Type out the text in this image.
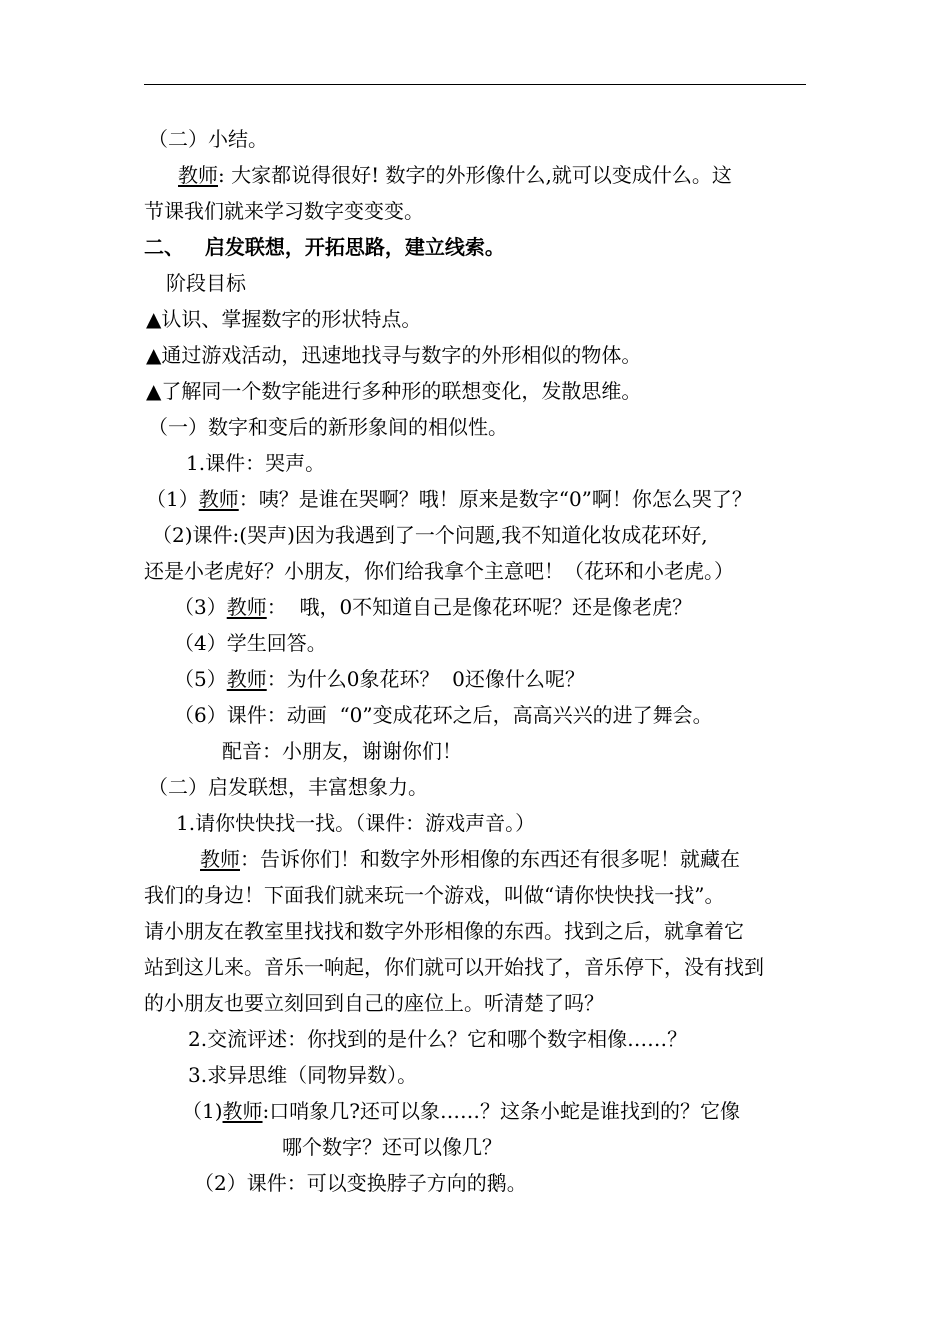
（二）小结。
教师: 大家都说得很好! 数字的外形像什么,就可以变成什么。这
节课我们就来学习数字变变变。
二、   启发联想，开拓思路，建立线索。
阶段目标
▲认识、掌握数字的形状特点。
▲通过游戏活动，迅速地找寻与数字的外形相似的物体。
▲了解同一个数字能进行多种形的联想变化，发散思维。
（一）数字和变后的新形象间的相似性。
1.课件：哭声。
（1）教师：咦？是谁在哭啊？哦！原来是数字“0”啊！你怎么哭了？
（2)课件:(哭声)因为我遇到了一个问题,我不知道化妆成花环好,
还是小老虎好？小朋友，你们给我拿个主意吧！（花环和小老虎。）
（3）教师：  哦，0不知道自己是像花环呢？还是像老虎？
（4）学生回答。
（5）教师：为什么0象花环？  0还像什么呢？
（6）课件：动画  “0”变成花环之后，高高兴兴的进了舞会。
配音：小朋友，谢谢你们！
（二）启发联想，丰富想象力。
1.请你快快找一找。（课件：游戏声音。）
教师：告诉你们！和数字外形相像的东西还有很多呢！就藏在
我们的身边！下面我们就来玩一个游戏，叫做“请你快快找一找”。
请小朋友在教室里找找和数字外形相像的东西。找到之后，就拿着它
站到这儿来。音乐一响起，你们就可以开始找了，音乐停下，没有找到
的小朋友也要立刻回到自己的座位上。听清楚了吗？
2.交流评述：你找到的是什么？它和哪个数字相像……？
3.求异思维（同物异数）。
（1)教师:口哨象几?还可以象……？这条小蛇是谁找到的？它像
哪个数字？还可以像几？
（2）课件：可以变换脖子方向的鹅。
